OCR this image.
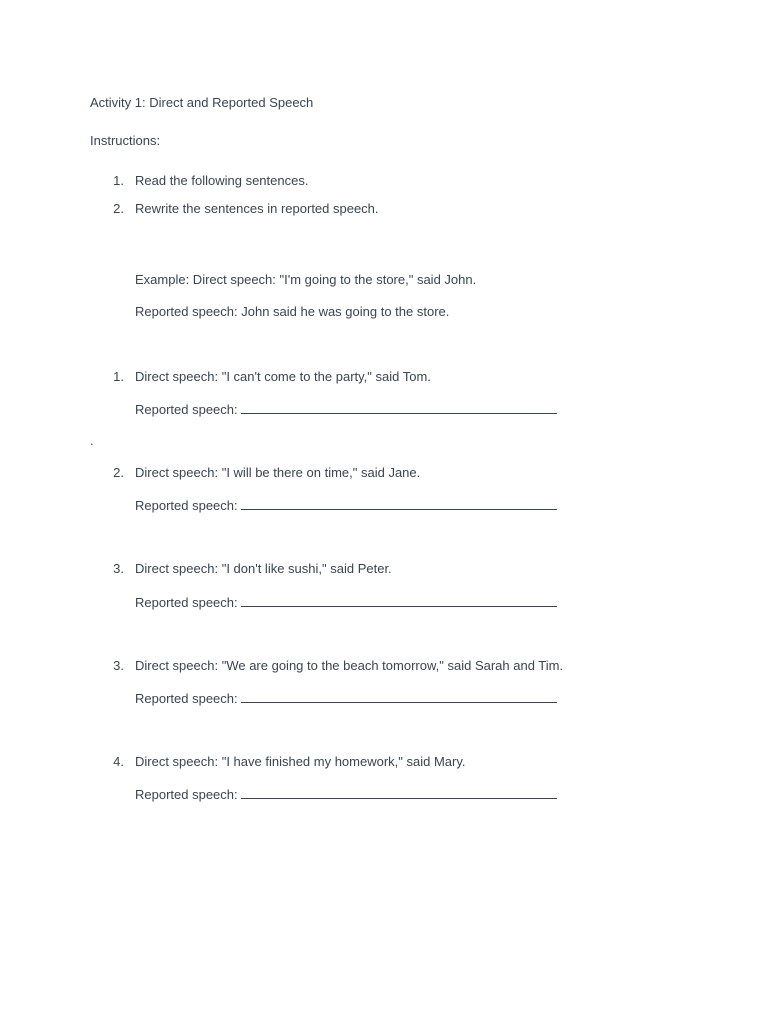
Activity 1: Direct and Reported Speech
Instructions:
1. Read the following sentences.
2. Rewrite the sentences in reported speech.
Example: Direct speech: "I'm going to the store," said John.
Reported speech: John said he was going to the store.
1. Direct speech: "I can't come to the party," said Tom.
Reported speech:
.
2. Direct speech: "I will be there on time," said Jane.
Reported speech:
3. Direct speech: "I don't like sushi," said Peter.
Reported speech:
3. Direct speech: "We are going to the beach tomorrow," said Sarah and Tim.
Reported speech:
4. Direct speech: "I have finished my homework," said Mary.
Reported speech:
